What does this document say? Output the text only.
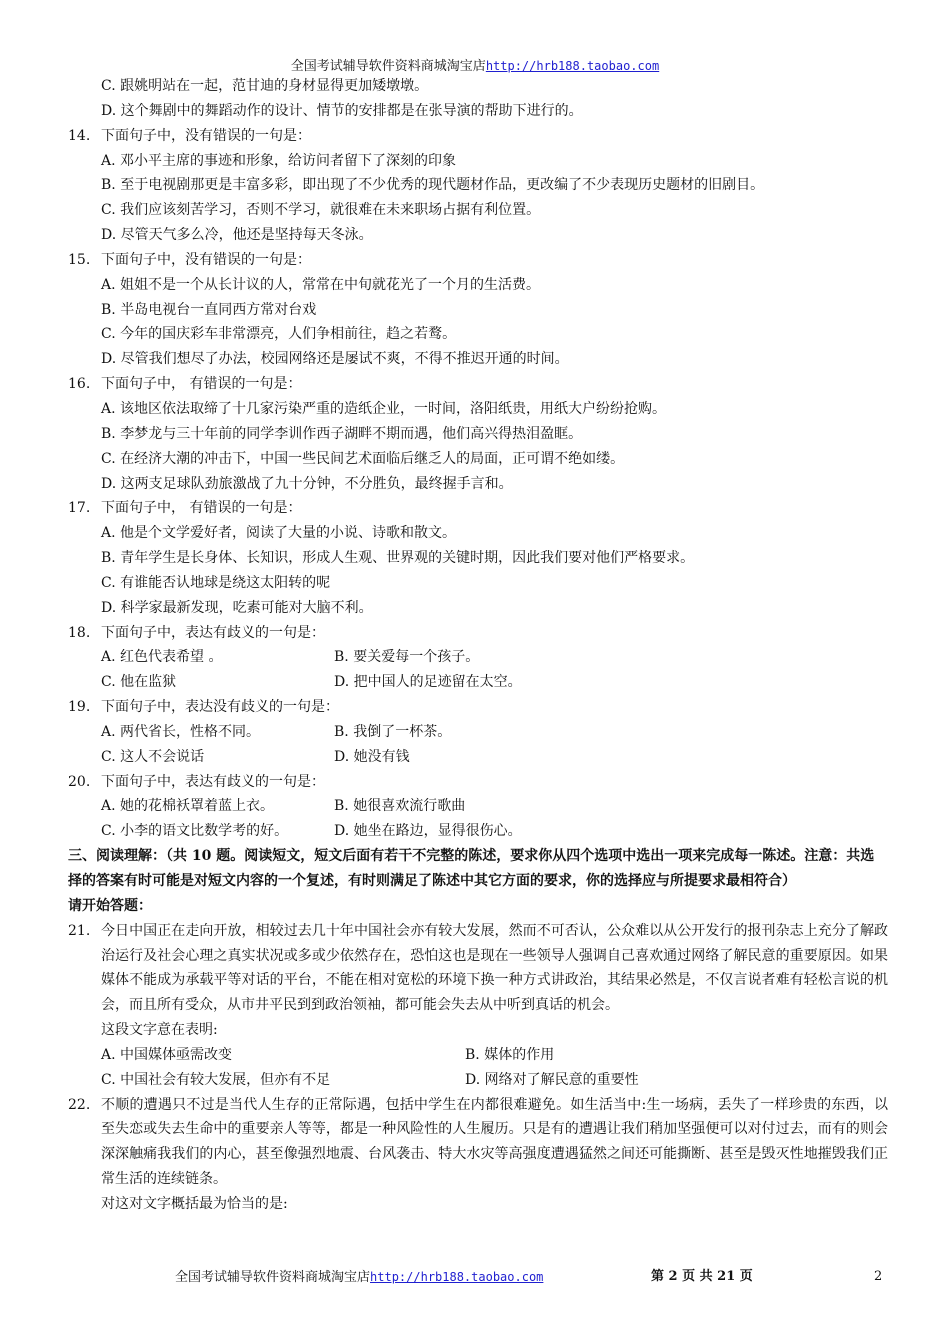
全国考试辅导软件资料商城淘宝店http://hrb188.taobao.com
C. 跟姚明站在一起，范甘迪的身材显得更加矮墩墩。
D. 这个舞剧中的舞蹈动作的设计、情节的安排都是在张导演的帮助下进行的。
14. 下面句子中，没有错误的一句是：
A. 邓小平主席的事迹和形象，给访问者留下了深刻的印象
B. 至于电视剧那更是丰富多彩，即出现了不少优秀的现代题材作品，更改编了不少表现历史题材的旧剧目。
C. 我们应该刻苦学习，否则不学习，就很难在未来职场占据有利位置。
D. 尽管天气多么冷，他还是坚持每天冬泳。
15. 下面句子中，没有错误的一句是：
A. 姐姐不是一个从长计议的人，常常在中旬就花光了一个月的生活费。
B. 半岛电视台一直同西方常对台戏
C. 今年的国庆彩车非常漂亮，人们争相前往，趋之若鹜。
D. 尽管我们想尽了办法，校园网络还是屡试不爽，不得不推迟开通的时间。
16. 下面句子中， 有错误的一句是：
A. 该地区依法取缔了十几家污染严重的造纸企业，一时间，洛阳纸贵，用纸大户纷纷抢购。
B. 李梦龙与三十年前的同学李训作西子湖畔不期而遇，他们高兴得热泪盈眶。
C. 在经济大潮的冲击下，中国一些民间艺术面临后继乏人的局面，正可谓不绝如缕。
D. 这两支足球队劲旅激战了九十分钟，不分胜负，最终握手言和。
17. 下面句子中， 有错误的一句是：
A. 他是个文学爱好者，阅读了大量的小说、诗歌和散文。
B. 青年学生是长身体、长知识，形成人生观、世界观的关键时期，因此我们要对他们严格要求。
C. 有谁能否认地球是绕这太阳转的呢
D. 科学家最新发现，吃素可能对大脑不利。
18. 下面句子中，表达有歧义的一句是：
A. 红色代表希望 。	B. 要关爱每一个孩子。
C. 他在监狱	D. 把中国人的足迹留在太空。
19. 下面句子中，表达没有歧义的一句是：
A. 两代省长，性格不同。	B. 我倒了一杯茶。
C. 这人不会说话	D. 她没有钱
20. 下面句子中，表达有歧义的一句是：
A. 她的花棉袄罩着蓝上衣。	B. 她很喜欢流行歌曲
C. 小李的语文比数学考的好。	D. 她坐在路边，显得很伤心。
三、阅读理解：（共 10 题。阅读短文，短文后面有若干不完整的陈述，要求你从四个选项中选出一项来完成每一陈述。注意：共选择的答案有时可能是对短文内容的一个复述，有时则满足了陈述中其它方面的要求，你的选择应与所提要求最相符合）
请开始答题：
21. 今日中国正在走向开放，相较过去几十年中国社会亦有较大发展，然而不可否认，公众难以从公开发行的报刊杂志上充分了解政治运行及社会心理之真实状况或多或少依然存在，恐怕这也是现在一些领导人强调自己喜欢通过网络了解民意的重要原因。如果媒体不能成为承载平等对话的平台，不能在相对宽松的环境下换一种方式讲政治，其结果必然是，不仅言说者难有轻松言说的机会，而且所有受众，从市井平民到到政治领袖，都可能会失去从中听到真话的机会。
这段文字意在表明:
A. 中国媒体亟需改变	B. 媒体的作用
C. 中国社会有较大发展，但亦有不足	D. 网络对了解民意的重要性
22. 不顺的遭遇只不过是当代人生存的正常际遇，包括中学生在内都很难避免。如生活当中:生一场病，丢失了一样珍贵的东西，以至失恋或失去生命中的重要亲人等等，都是一种风险性的人生履历。只是有的遭遇让我们稍加坚强便可以对付过去，而有的则会深深触痛我我们的内心，甚至像强烈地震、台风袭击、特大水灾等高强度遭遇猛然之间还可能撕断、甚至是毁灭性地摧毁我们正常生活的连续链条。
对这对文字概括最为恰当的是:
全国考试辅导软件资料商城淘宝店http://hrb188.taobao.com	第 2 页 共 21 页	2
